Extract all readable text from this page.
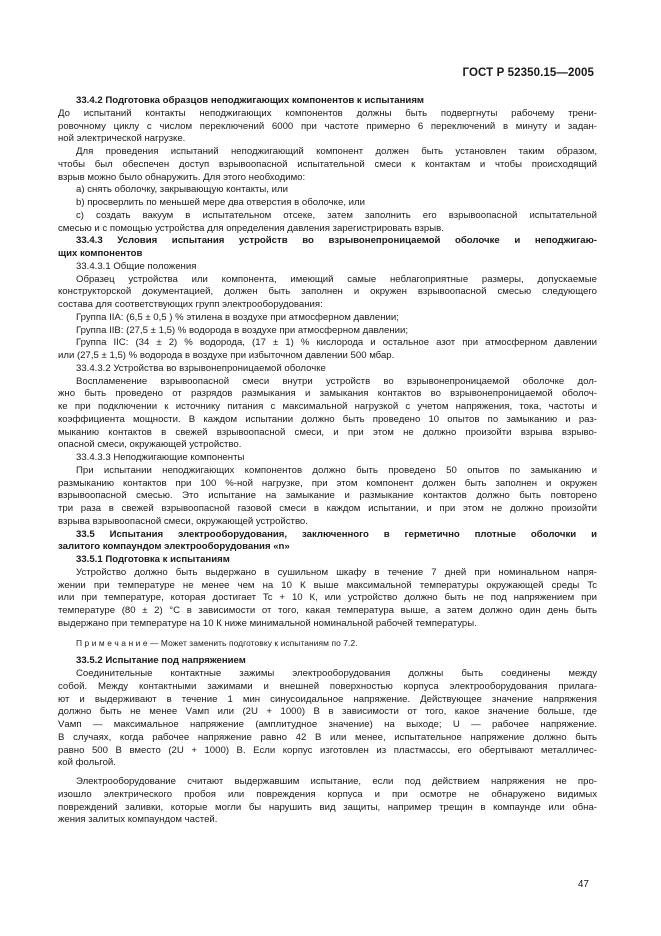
ГОСТ Р 52350.15—2005
33.4.2 Подготовка образцов неподжигающих компонентов к испытаниям
До испытаний контакты неподжигающих компонентов должны быть подвергнуты рабочему трени-
ровочному циклу с числом переключений 6000 при частоте примерно 6 переключений в минуту и задан-
ной электрической нагрузке.
Для проведения испытаний неподжигающий компонент должен быть установлен таким образом,
чтобы был обеспечен доступ взрывоопасной испытательной смеси к контактам и чтобы происходящий
взрыв можно было обнаружить. Для этого необходимо:
a) снять оболочку, закрывающую контакты, или
b) просверлить по меньшей мере два отверстия в оболочке, или
c) создать вакуум в испытательном отсеке, затем заполнить его взрывоопасной испытательной
смесью и с помощью устройства для определения давления зарегистрировать взрыв.
33.4.3 Условия испытания устройств во взрывонепроницаемой оболочке и неподжигаю-
щих компонентов
33.4.3.1 Общие положения
Образец устройства или компонента, имеющий самые неблагоприятные размеры, допускаемые
конструкторской документацией, должен быть заполнен и окружен взрывоопасной смесью следующего
состава для соответствующих групп электрооборудования:
Группа IIA: (6,5 ± 0,5 ) % этилена в воздухе при атмосферном давлении;
Группа IIB: (27,5 ± 1,5) % водорода в воздухе при атмосферном давлении;
Группа IIC: (34 ± 2) % водорода, (17 ± 1) % кислорода и остальное азот при атмосферном давлении
или (27,5 ± 1,5) % водорода в воздухе при избыточном давлении 500 мбар.
33.4.3.2 Устройства во взрывонепроницаемой оболочке
Воспламенение взрывоопасной смеси внутри устройств во взрывонепроницаемой оболочке дол-
жно быть проведено от разрядов размыкания и замыкания контактов во взрывонепроницаемой оболоч-
ке при подключении к источнику питания с максимальной нагрузкой с учетом напряжения, тока, частоты и
коэффициента мощности. В каждом испытании должно быть проведено 10 опытов по замыканию и раз-
мыканию контактов в свежей взрывоопасной смеси, и при этом не должно произойти взрыва взрыво-
опасной смеси, окружающей устройство.
33.4.3.3 Неподжигающие компоненты
При испытании неподжигающих компонентов должно быть проведено 50 опытов по замыканию и
размыканию контактов при 100 %-ной нагрузке, при этом компонент должен быть заполнен и окружен
взрывоопасной смесью. Это испытание на замыкание и размыкание контактов должно быть повторено
три раза в свежей взрывоопасной газовой смеси в каждом испытании, и при этом не должно произойти
взрыва взрывоопасной смеси, окружающей устройство.
33.5 Испытания электрооборудования, заключенного в герметично плотные оболочки и
залитого компаундом электрооборудования «n»
33.5.1 Подготовка к испытаниям
Устройство должно быть выдержано в сушильном шкафу в течение 7 дней при номинальном напря-
жении при температуре не менее чем на 10 К выше максимальной температуры окружающей среды Tc
или при температуре, которая достигает Tc + 10 К, или устройство должно быть не под напряжением при
температуре (80 ± 2) °C в зависимости от того, какая температура выше, а затем должно один день быть
выдержано при температуре на 10 К ниже минимальной номинальной рабочей температуры.
П р и м е ч а н и е — Может заменить подготовку к испытаниям по 7.2.
33.5.2 Испытание под напряжением
Соединительные контактные зажимы электрооборудования должны быть соединены между
собой. Между контактными зажимами и внешней поверхностью корпуса электрооборудования прилага-
ют и выдерживают в течение 1 мин синусоидальное напряжение. Действующее значение напряжения
должно быть не менее Vамп или (2U + 1000) В в зависимости от того, какое значение больше, где
Vамп — максимальное напряжение (амплитудное значение) на выходе; U — рабочее напряжение.
В случаях, когда рабочее напряжение равно 42 В или менее, испытательное напряжение должно быть
равно 500 В вместо (2U + 1000) В. Если корпус изготовлен из пластмассы, его обертывают металличес-
кой фольгой.
Электрооборудование считают выдержавшим испытание, если под действием напряжения не про-
изошло электрического пробоя или повреждения корпуса и при осмотре не обнаружено видимых
повреждений заливки, которые могли бы нарушить вид защиты, например трещин в компаунде или обна-
жения залитых компаундом частей.
47
